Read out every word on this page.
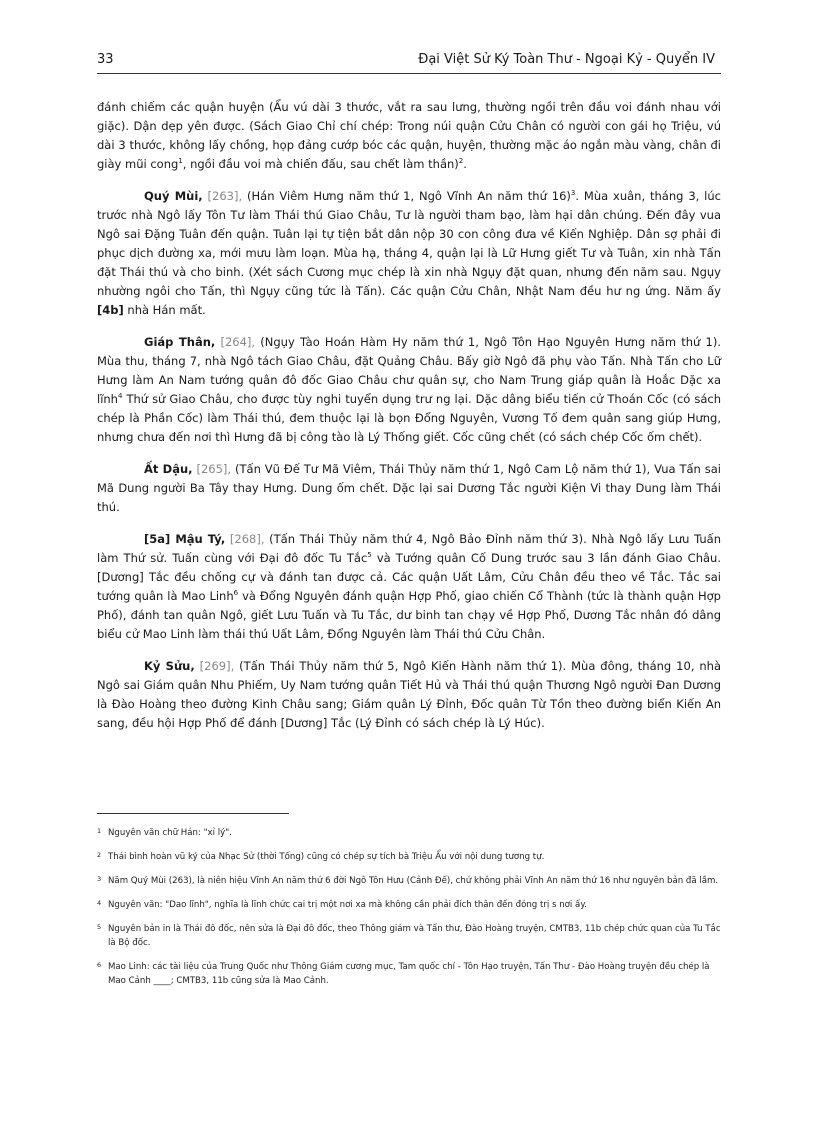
33	Đại Việt Sử Ký Toàn Thư - Ngoại Kỷ - Quyển IV

đánh chiếm các quận huyện (Ẩu vú dài 3 thước, vắt ra sau lưng, thường ngồi trên đầu voi đánh nhau với giặc). Dận dẹp yên được. (Sách Giao Chỉ chí chép: Trong núi quận Cửu Chân có người con gái họ Triệu, vú dài 3 thước, không lấy chồng, họp đảng cướp bóc các quận, huyện, thường mặc áo ngắn màu vàng, chân đi giày mũi cong$^1$, ngồi đầu voi mà chiến đấu, sau chết làm thần)$^2$.

Quý Mùi, [263], (Hán Viêm Hưng năm thứ 1, Ngô Vĩnh An năm thứ 16)$^3$. Mùa xuân, tháng 3, lúc trước nhà Ngô lấy Tôn Tư làm Thái thú Giao Châu, Tư là người tham bạo, làm hại dân chúng. Đến đây vua Ngô sai Đặng Tuân đến quận. Tuân lại tự tiện bắt dân nộp 30 con công đưa về Kiến Nghiệp. Dân sợ phải đi phục dịch đường xa, mới mưu làm loạn. Mùa hạ, tháng 4, quận lại là Lữ Hưng giết Tư và Tuân, xin nhà Tấn đặt Thái thú và cho binh. (Xét sách Cương mục chép là xin nhà Ngụy đặt quan, nhưng đến năm sau. Ngụy nhường ngôi cho Tấn, thì Ngụy cũng tức là Tấn). Các quận Cửu Chân, Nhật Nam đều hư ng ứng. Năm ấy [4b] nhà Hán mất.

Giáp Thân, [264], (Ngụy Tào Hoán Hàm Hy năm thứ 1, Ngô Tôn Hạo Nguyên Hưng năm thứ 1). Mùa thu, tháng 7, nhà Ngô tách Giao Châu, đặt Quảng Châu. Bấy giờ Ngô đã phụ vào Tấn. Nhà Tấn cho Lữ Hưng làm An Nam tướng quân đô đốc Giao Châu chư quân sự, cho Nam Trung giáp quân là Hoắc Dặc xa lĩnh$^4$ Thứ sử Giao Châu, cho được tùy nghi tuyển dụng trư ng lại. Dặc dâng biểu tiến cử Thoán Cốc (có sách chép là Phần Cốc) làm Thái thú, đem thuộc lại là bọn Đổng Nguyên, Vương Tố đem quân sang giúp Hưng, nhưng chưa đến nơi thì Hưng đã bị công tào là Lý Thống giết. Cốc cũng chết (có sách chép Cốc ốm chết).

Ất Dậu, [265], (Tấn Vũ Đế Tư Mã Viêm, Thái Thủy năm thứ 1, Ngô Cam Lộ năm thứ 1), Vua Tấn sai Mã Dung người Ba Tây thay Hưng. Dung ốm chết. Dặc lại sai Dương Tắc người Kiện Vi thay Dung làm Thái thú.

[5a] Mậu Tý, [268], (Tấn Thái Thủy năm thứ 4, Ngô Bảo Đỉnh năm thứ 3). Nhà Ngô lấy Lưu Tuấn làm Thứ sử. Tuấn cùng với Đại đô đốc Tu Tắc$^5$ và Tướng quân Cố Dung trước sau 3 lần đánh Giao Châu. [Dương] Tắc đều chống cự và đánh tan được cả. Các quận Uất Lâm, Cửu Chân đều theo về Tắc. Tắc sai tướng quân là Mao Linh$^6$ và Đổng Nguyên đánh quận Hợp Phố, giao chiến Cổ Thành (tức là thành quận Hợp Phố), đánh tan quân Ngô, giết Lưu Tuấn và Tu Tắc, dư binh tan chạy về Hợp Phố, Dương Tắc nhân đó dâng biểu cử Mao Linh làm thái thú Uất Lâm, Đổng Nguyên làm Thái thú Cửu Chân.

Kỷ Sửu, [269], (Tấn Thái Thủy năm thứ 5, Ngô Kiến Hành năm thứ 1). Mùa đông, tháng 10, nhà Ngô sai Giám quân Nhu Phiếm, Uy Nam tướng quân Tiết Hủ và Thái thú quận Thương Ngô người Đan Dương là Đào Hoàng theo đường Kinh Châu sang; Giám quân Lý Đỉnh, Đốc quân Từ Tồn theo đường biển Kiến An sang, đều hội Hợp Phố để đánh [Dương] Tắc (Lý Đỉnh có sách chép là Lý Húc).

1 Nguyên văn chữ Hán: "xỉ lý".
2 Thái bình hoàn vũ ký của Nhạc Sử (thời Tống) cũng có chép sự tích bà Triệu Ẩu với nội dung tương tự.
3 Năm Quý Mùi (263), là niên hiệu Vĩnh An năm thứ 6 đời Ngô Tôn Hưu (Cảnh Đế), chứ không phải Vĩnh An năm thứ 16 như nguyên bản đã lầm.
4 Nguyên văn: "Dao lĩnh", nghĩa là lĩnh chức cai trị một nơi xa mà không cần phải đích thân đến đóng trị s nơi ấy.
5 Nguyên bản in là Thái đô đốc, nên sửa là Đại đô đốc, theo Thông giám và Tấn thư, Đào Hoàng truyện, CMTB3, 11b chép chức quan của Tu Tắc là Bộ đốc.
6 Mao Linh: các tài liệu của Trung Quốc như Thông Giám cương mục, Tam quốc chí - Tôn Hạo truyện, Tấn Thư - Đào Hoàng truyện đều chép là Mao Cảnh ____; CMTB3, 11b cũng sửa là Mao Cảnh.
